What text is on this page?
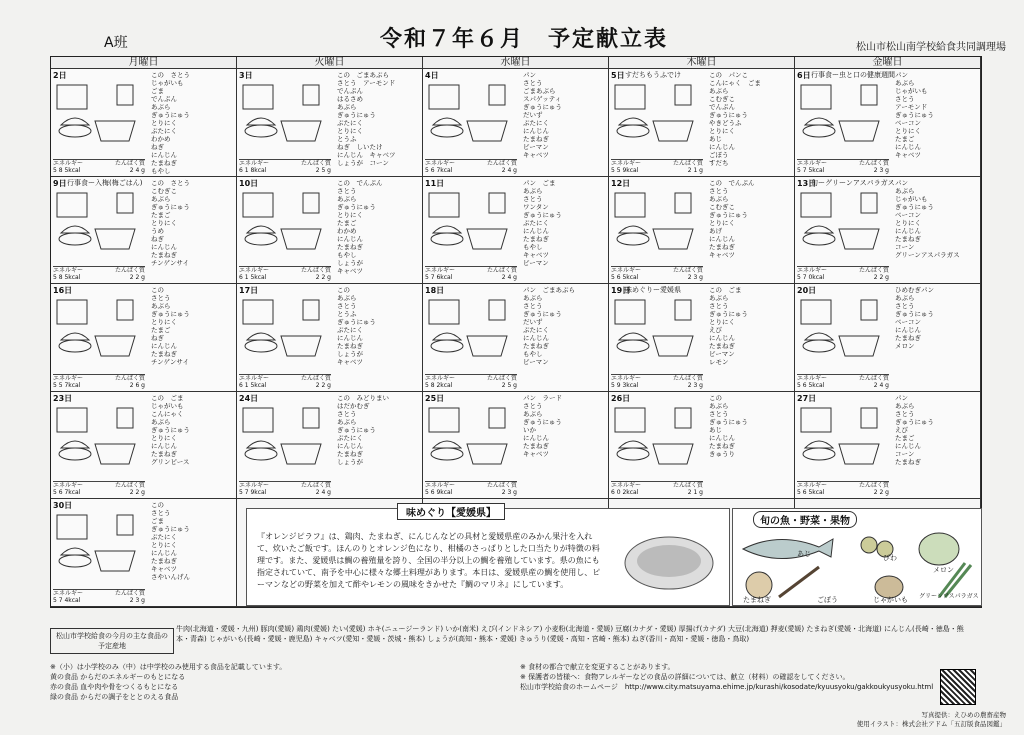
A班	令和７年６月　予定献立表	松山市松山南学校給食共同調理場
月曜日	火曜日	水曜日	木曜日	金曜日
2日	この　さとう
じゃがいも
ごま
でんぷん
あぶら
ぎゅうにゅう
とりにく
ぶたにく
わかめ
ねぎ
にんじん
たまねぎ
もやし
エネルギー	たんぱく質
5 8 5kcal	2 4 g
3日	この　ごまあぶら
さとう　アーモンド
でんぷん
はるさめ
あぶら
ぎゅうにゅう
ぶたにく
とりにく
とうふ
ねぎ　しいたけ
にんじん　キャベツ
しょうが　コーン
エネルギー	たんぱく質
6 1 8kcal	2 5 g
4日	パン
さとう
ごまあぶら
スパゲッティ
ぎゅうにゅう
だいず
ぶたにく
にんじん
たまねぎ
ピーマン
キャベツ
エネルギー	たんぱく質
5 6 7kcal	2 4 g
5日 すだちもうふでけ	この　パンこ
こんにゃく　ごま
あぶら
こむぎこ
でんぷん
ぎゅうにゅう
やきどうふ
とりにく
あじ
にんじん
ごぼう
すだち
エネルギー	たんぱく質
5 5 9kcal	2 1 g
6日 行事食ー虫と口の健康週間 パン
あぶら
じゃがいも
さとう
アーモンド
ぎゅうにゅう
ベーコン
とりにく
たまご
にんじん
キャベツ
エネルギー	たんぱく質
5 7 5kcal	2 3 g
9日 行事食ー入梅(梅ごはん) この　さとう
こむぎこ
あぶら
ぎゅうにゅう
たまご
とりにく
うめ
ねぎ
にんじん
たまねぎ
チンゲンサイ
エネルギー	たんぱく質
5 8 5kcal	2 2 g
10日	この　でんぷん
さとう
あぶら
ぎゅうにゅう
とりにく
たまご
わかめ
にんじん
たまねぎ
もやし
しょうが
キャベツ
エネルギー	たんぱく質
6 1 5kcal	2 2 g
11日	パン　ごま
あぶら
さとう
ワンタン
ぎゅうにゅう
ぶたにく
にんじん
たまねぎ
もやし
キャベツ
ピーマン
エネルギー	たんぱく質
5 7 6kcal	2 4 g
12日	この　でんぷん
さとう
あぶら
こむぎこ
ぎゅうにゅう
とりにく
あげ
にんじん
たまねぎ
キャベツ
エネルギー	たんぱく質
5 6 5kcal	2 3 g
13日
旬ーグリーンアスパラガス パン
あぶら
じゃがいも
ぎゅうにゅう
ベーコン
とりにく
にんじん
たまねぎ
コーン
グリーンアスパラガス
エネルギー	たんぱく質
5 7 0kcal	2 2 g
16日	この
さとう
あぶら
ぎゅうにゅう
とりにく
たまご
ねぎ
にんじん
たまねぎ
チンゲンサイ
エネルギー	たんぱく質
5 5 7kcal	2 6 g
17日	この
あぶら
さとう
とうふ
ぎゅうにゅう
ぶたにく
にんじん
たまねぎ
しょうが
キャベツ
エネルギー	たんぱく質
6 1 5kcal	2 2 g
18日	パン　ごまあぶら
あぶら
さとう
ぎゅうにゅう
だいず
ぶたにく
にんじん
たまねぎ
もやし
ピーマン
エネルギー	たんぱく質
5 8 2kcal	2 5 g
19日
味めぐりー愛媛県	この　ごま
あぶら
さとう
ぎゅうにゅう
とりにく
えび
にんじん
たまねぎ
ピーマン
レモン
エネルギー	たんぱく質
5 9 3kcal	2 3 g
20日	ひめむぎパン
あぶら
さとう
ぎゅうにゅう
ベーコン
にんじん
たまねぎ
メロン
エネルギー	たんぱく質
5 6 5kcal	2 4 g
23日	この　ごま
じゃがいも
こんにゃく
あぶら
ぎゅうにゅう
とりにく
にんじん
たまねぎ
グリンピース
エネルギー	たんぱく質
5 6 7kcal	2 2 g
24日	この　みどりまい
はだかむぎ
さとう
あぶら
ぎゅうにゅう
ぶたにく
にんじん
たまねぎ
しょうが
エネルギー	たんぱく質
5 7 9kcal	2 4 g
25日	パン　ラード
さとう
あぶら
ぎゅうにゅう
いか
にんじん
たまねぎ
キャベツ
エネルギー	たんぱく質
5 6 9kcal	2 3 g
26日	この
あぶら
さとう
ぎゅうにゅう
あじ
にんじん
たまねぎ
きゅうり
エネルギー	たんぱく質
6 0 2kcal	2 1 g
27日	パン
あぶら
さとう
ぎゅうにゅう
えび
たまご
にんじん
コーン
たまねぎ
エネルギー	たんぱく質
5 6 5kcal	2 2 g
30日	この
さとう
ごま
ぎゅうにゅう
ぶたにく
とりにく
にんじん
たまねぎ
キャベツ
さやいんげん
エネルギー	たんぱく質
5 7 4kcal	2 3 g
味めぐり【愛媛県】
『オレンジピラフ』は、鶏肉、たまねぎ、にんじんなどの具材と愛媛県産のみかん果汁を入れて、炊いたご飯です。ほんのりとオレンジ色になり、柑橘のさっぱりとした口当たりが特徴の料理です。また、愛媛県は鯛の養殖量を誇り、全国の半分以上の鯛を養殖しています。県の魚にも指定されていて、南予を中心に様々な郷土料理があります。本日は、愛媛県産の鯛を使用し、ピーマンなどの野菜を加えて酢やレモンの風味をきかせた『鯛のマリネ』にしています。
旬の魚・野菜・果物
あじ	びわ
メロン
たまねぎ	ごぼう	じゃがいも グリーンアスパラガス
松山市学校給食の今月の主な食品の予定産地
牛肉(北海道・愛媛・九州) 豚肉(愛媛) 鶏肉(愛媛) たい(愛媛) ホキ(ニュージーランド) いか(南米) えび(インドネシア) 小麦粉(北海道・愛媛) 豆腐(カナダ・愛媛) 厚揚げ(カナダ) 大豆(北海道) 押麦(愛媛) たまねぎ(愛媛・北海道) にんじん(長崎・徳島・熊本・青森) じゃがいも(長崎・愛媛・鹿児島) キャベツ(愛知・愛媛・茨城・熊本) しょうが(高知・熊本・愛媛) きゅうり(愛媛・高知・宮崎・熊本) ねぎ(香川・高知・愛媛・徳島・鳥取)
※（小）は小学校のみ（中）は中学校のみ使用する食品を記載しています。
黄の食品 からだのエネルギーのもとになる
赤の食品 血や肉や骨をつくるもとになる
緑の食品 からだの調子をととのえる食品
※ 食材の都合で献立を変更することがあります。
※ 保護者の皆様へ：食物アレルギーなどの食品の詳細については、献立（材料）の確認をしてください。
松山市学校給食のホームページ　http://www.city.matsuyama.ehime.jp/kurashi/kosodate/kyuusyoku/gakkoukyusyoku.html
写真提供：えひめの農畜産物
使用イラスト：株式会社アドム「五訂版食品図鑑」
